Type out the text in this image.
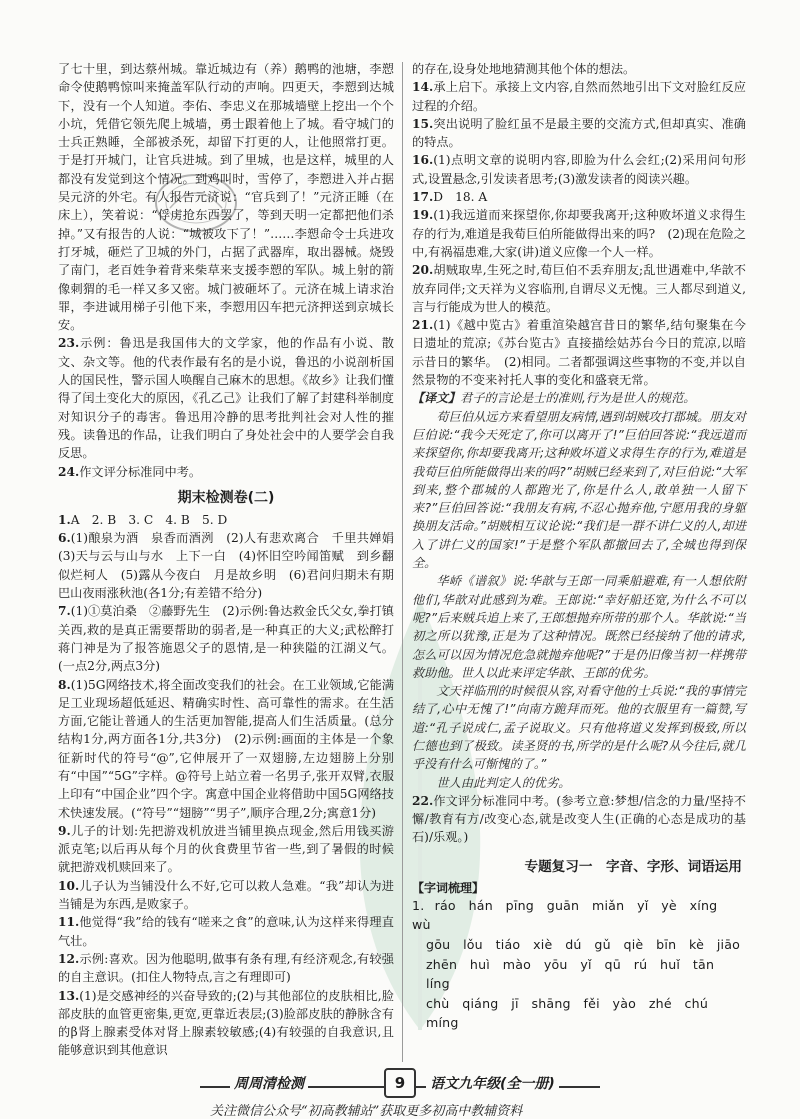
了七十里，到达蔡州城。靠近城边有（养）鹅鸭的池塘，李愬命令使鹅鸭惊叫来掩盖军队行动的声响。四更天，李愬到达城下，没有一个人知道。李佑、李忠义在那城墙壁上挖出一个个小坑，凭借它领先爬上城墙，勇士跟着他上了城。看守城门的士兵正熟睡，全部被杀死，却留下打更的人，让他照常打更。于是打开城门，让官兵进城。到了里城，也是这样，城里的人都没有发觉到这个情况。到鸡叫时，雪停了，李愬进入并占据吴元济的外宅。有人报告元济说：“官兵到了！”元济正睡（在床上），笑着说：“俘虏抢东西罢了，等到天明一定都把他们杀掉。”又有报告的人说：“城被攻下了！”……李愬命令士兵进攻打牙城，砸烂了卫城的外门，占据了武器库，取出器械。烧毁了南门，老百姓争着背来柴草来支援李愬的军队。城上射的箭像刺猬的毛一样又多又密。城门被砸坏了。元济在城上请求治罪，李进诚用梯子引他下来，李愬用囚车把元济押送到京城长安。

23.示例：鲁迅是我国伟大的文学家，他的作品有小说、散文、杂文等。他的代表作最有名的是小说，鲁迅的小说剖析国人的国民性，警示国人唤醒自己麻木的思想。《故乡》让我们懂得了闰土变化大的原因，《孔乙己》让我们了解了封建科举制度对知识分子的毒害。鲁迅用冷静的思考批判社会对人性的摧残。读鲁迅的作品，让我们明白了身处社会中的人要学会自我反思。

24.作文评分标准同中考。

期末检测卷(二)

1.A　2. B　3. C　4. B　5. D

6.(1)酿泉为酒　泉香而酒洌　(2)人有悲欢离合　千里共婵娟　(3)天与云与山与水　上下一白　(4)怀旧空吟闻笛赋　到乡翻似烂柯人　(5)露从今夜白　月是故乡明　(6)君问归期未有期　巴山夜雨涨秋池(各1分;有差错不给分)

7.(1)①莫泊桑　②藤野先生　(2)示例:鲁达救金氏父女,拳打镇关西,救的是真正需要帮助的弱者,是一种真正的大义;武松醉打蒋门神是为了报答施恩父子的恩情,是一种狭隘的江湖义气。(一点2分,两点3分)

8.(1)5G网络技术,将全面改变我们的社会。在工业领域,它能满足工业现场超低延迟、精确实时性、高可靠性的需求。在生活方面,它能让普通人的生活更加智能,提高人们生活质量。(总分结构1分,两方面各1分,共3分)　(2)示例:画面的主体是一个象征新时代的符号“@”,它伸展开了一双翅膀,左边翅膀上分别有“中国”“5G”字样。@符号上站立着一名男子,张开双臂,衣服上印有“中国企业”四个字。寓意中国企业将借助中国5G网络技术快速发展。(“符号”“翅膀”“男子”,顺序合理,2分;寓意1分)

9.儿子的计划:先把游戏机放进当铺里换点现金,然后用钱买游派克笔;以后再从每个月的伙食费里节省一些,到了暑假的时候就把游戏机赎回来了。

10.儿子认为当铺没什么不好,它可以救人急难。“我”却认为进当铺是为东西,是败家子。

11.他觉得“我”给的钱有“嗟来之食”的意味,认为这样来得理直气壮。

12.示例:喜欢。因为他聪明,做事有条有理,有经济观念,有较强的自主意识。(扣住人物特点,言之有理即可)

13.(1)是交感神经的兴奋导致的;(2)与其他部位的皮肤相比,脸部皮肤的血管更密集,更宽,更靠近表层;(3)脸部皮肤的静脉含有的β肾上腺素受体对肾上腺素较敏感;(4)有较强的自我意识,且能够意识到其他意识

的存在,设身处地地猜测其他个体的想法。

14.承上启下。承接上文内容,自然而然地引出下文对脸红反应过程的介绍。

15.突出说明了脸红虽不是最主要的交流方式,但却真实、准确的特点。

16.(1)点明文章的说明内容,即脸为什么会红;(2)采用问句形式,设置悬念,引发读者思考;(3)激发读者的阅读兴趣。

17.D　18. A

19.(1)我远道而来探望你,你却要我离开;这种败坏道义求得生存的行为,难道是我荀巨伯所能做得出来的吗?　(2)现在危险之中,有祸福患难,大家(讲)道义应像一个人一样。

20.胡贼取卑,生死之时,荀巨伯不丢弃朋友;乱世遇难中,华歆不放弃同伴;文天祥为义容临刑,自谓尽义无愧。三人都尽到道义,言与行能成为世人的模范。

21.(1)《越中览古》着重渲染越宫昔日的繁华,结句聚集在今日遗址的荒凉;《苏台览古》直接描绘姑苏台今日的荒凉,以暗示昔日的繁华。　(2)相同。二者都强调这些事物的不变,并以自然景物的不变来衬托人事的变化和盛衰无常。

【译文】君子的言论是士的准则,行为是世人的规范。

荀巨伯从远方来看望朋友病情,遇到胡贼攻打郡城。朋友对巨伯说:“我今天死定了,你可以离开了!”巨伯回答说:“我远道而来探望你,你却要我离开;这种败坏道义求得生存的行为,难道是我荀巨伯所能做得出来的吗?”胡贼已经来到了,对巨伯说:“大军到来,整个郡城的人都跑光了,你是什么人,敢单独一人留下来?”巨伯回答说:“我朋友有病,不忍心抛弃他,宁愿用我的身躯换朋友活命。”胡贼相互议论说:“我们是一群不讲仁义的人,却进入了讲仁义的国家!”于是整个军队都撤回去了,全城也得到保全。

华峤《谱叙》说:华歆与王郎一同乘船避难,有一人想依附他们,华歆对此感到为难。王郎说:“幸好船还宽,为什么不可以呢?”后来贼兵追上来了,王郎想抛弃所带的那个人。华歆说:“当初之所以犹豫,正是为了这种情况。既然已经接纳了他的请求,怎么可以因为情况危急就抛弃他呢?”于是仍旧像当初一样携带救助他。世人以此来评定华歆、王郎的优劣。

文天祥临刑的时候很从容,对看守他的士兵说:“我的事情完结了,心中无愧了!”向南方跪拜而死。他的衣服里有一篇赞,写道:“孔子说成仁,孟子说取义。只有他将道义发挥到极致,所以仁德也到了极致。读圣贤的书,所学的是什么呢?从今往后,就几乎没有什么可惭愧的了。”

世人由此判定人的优劣。

22.作文评分标准同中考。(参考立意:梦想/信念的力量/坚持不懈/教育有方/改变心态,就是改变人生(正确的心态是成功的基石)/乐观。)

专题复习一　字音、字形、词语运用
【字词梳理】

1. ráo　hán　pīng　guān　miǎn　yǐ　yè　xíng　wù

gōu　lǒu　tiáo　xiè　dú　gǔ　qiè　bīn　kè　jiāo

zhēn　huì　mào　yōu　yǐ　qū　rú　huǐ　tān　líng

chù　qiáng　jī　shāng　fěi　yào　zhé　chú　míng

周周清检测	9	语文九年级(全一册)
关注微信公众号“初高教辅站”获取更多初高中教辅资料
